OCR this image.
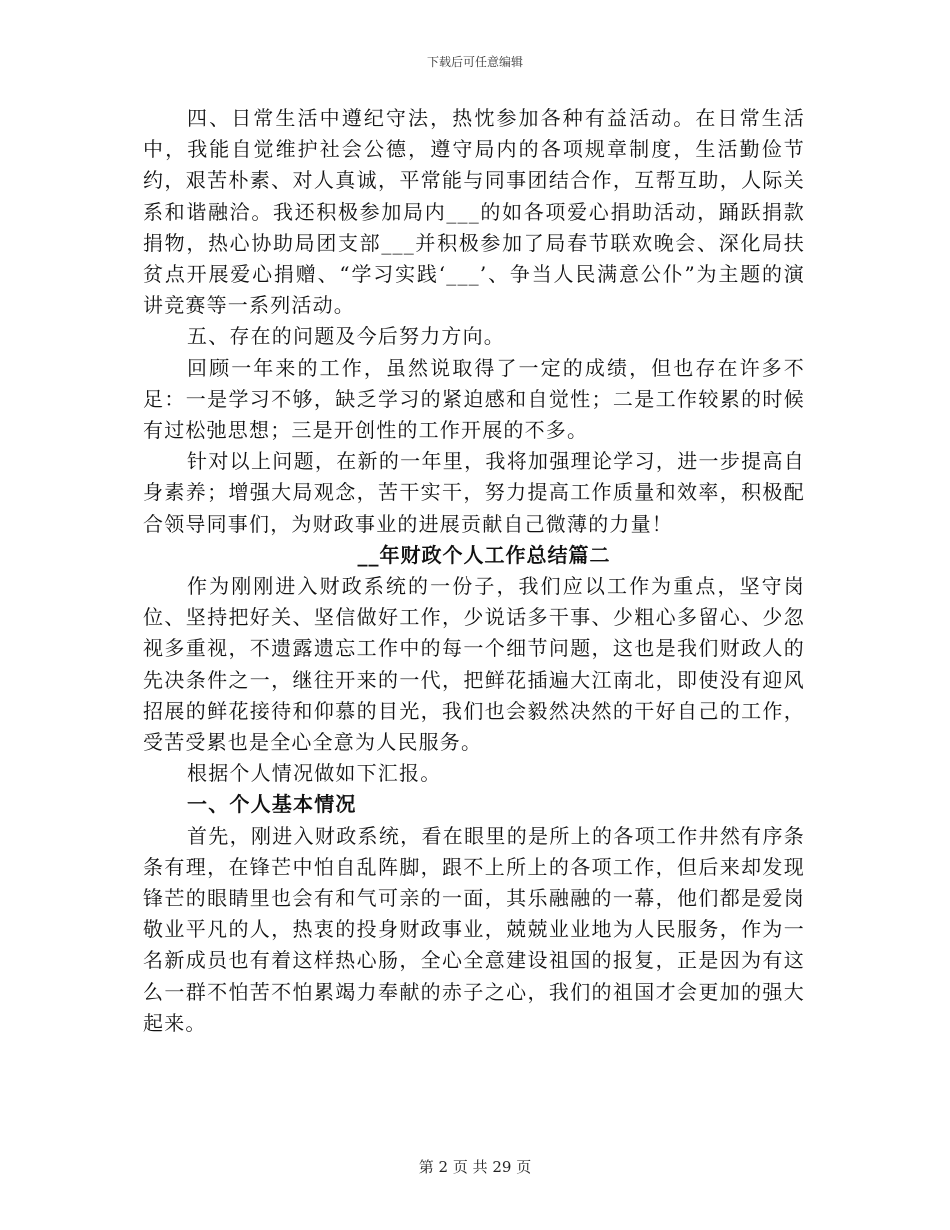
下载后可任意编辑

四、日常生活中遵纪守法，热忱参加各种有益活动。在日常生活中，我能自觉维护社会公德，遵守局内的各项规章制度，生活勤俭节约，艰苦朴素、对人真诚，平常能与同事团结合作，互帮互助，人际关系和谐融洽。我还积极参加局内___的如各项爱心捐助活动，踊跃捐款捐物，热心协助局团支部___并积极参加了局春节联欢晚会、深化局扶贫点开展爱心捐赠、“学习实践‘___’、争当人民满意公仆”为主题的演讲竞赛等一系列活动。

五、存在的问题及今后努力方向。

回顾一年来的工作，虽然说取得了一定的成绩，但也存在许多不足：一是学习不够，缺乏学习的紧迫感和自觉性；二是工作较累的时候有过松弛思想；三是开创性的工作开展的不多。

针对以上问题，在新的一年里，我将加强理论学习，进一步提高自身素养；增强大局观念，苦干实干，努力提高工作质量和效率，积极配合领导同事们，为财政事业的进展贡献自己微薄的力量！

__年财政个人工作总结篇二

作为刚刚进入财政系统的一份子，我们应以工作为重点，坚守岗位、坚持把好关、坚信做好工作，少说话多干事、少粗心多留心、少忽视多重视，不遗露遗忘工作中的每一个细节问题，这也是我们财政人的先决条件之一，继往开来的一代，把鲜花插遍大江南北，即使没有迎风招展的鲜花接待和仰慕的目光，我们也会毅然决然的干好自己的工作，受苦受累也是全心全意为人民服务。

根据个人情况做如下汇报。

一、个人基本情况

首先，刚进入财政系统，看在眼里的是所上的各项工作井然有序条条有理，在锋芒中怕自乱阵脚，跟不上所上的各项工作，但后来却发现锋芒的眼睛里也会有和气可亲的一面，其乐融融的一幕，他们都是爱岗敬业平凡的人，热衷的投身财政事业，兢兢业业地为人民服务，作为一名新成员也有着这样热心肠，全心全意建设祖国的报复，正是因为有这么一群不怕苦不怕累竭力奉献的赤子之心，我们的祖国才会更加的强大起来。

第 2 页 共 29 页
